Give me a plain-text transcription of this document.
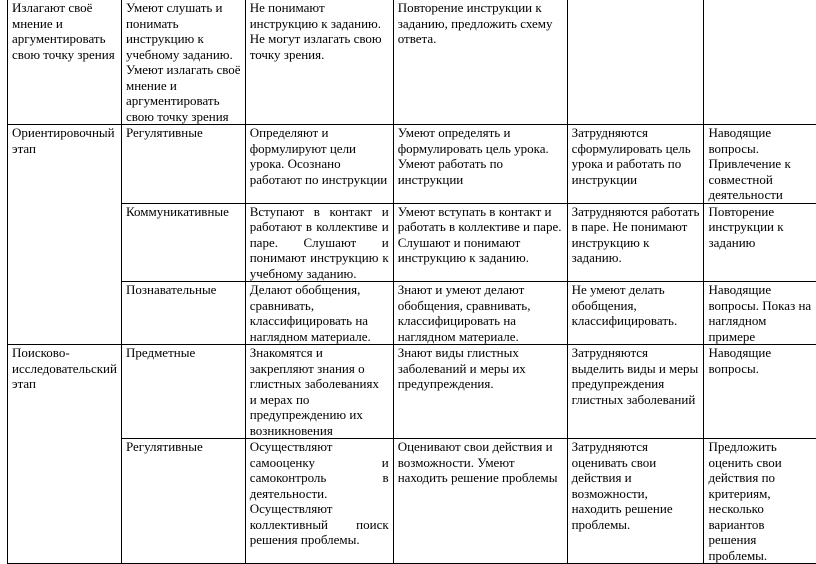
Излагают своё мнение и аргументировать свою точку зрения	Умеют слушать и понимать инструкцию к учебному заданию. Умеют излагать своё мнение и аргументировать свою точку зрения	Не понимают инструкцию к заданию. Не могут излагать свою точку зрения.	Повторение инструкции к заданию, предложить схему ответа.		
Ориентировочный этап	Регулятивные	Определяют и формулируют цели урока. Осознано работают по инструкции	Умеют определять и формулировать цель урока. Умеют работать по инструкции	Затрудняются сформулировать цель урока и работать по инструкции	Наводящие вопросы. Привлечение к совместной деятельности
	Коммуникативные	Вступают в контакт и работают в коллективе и паре. Слушают и понимают инструкцию к учебному заданию.	Умеют вступать в контакт и работать в коллективе и паре. Слушают и понимают инструкцию к заданию.	Затрудняются работать в паре. Не понимают инструкцию к заданию.	Повторение инструкции к заданию
	Познавательные	Делают обобщения, сравнивать, классифицировать на наглядном материале.	Знают и умеют делают обобщения, сравнивать, классифицировать на наглядном материале.	Не умеют делать обобщения, классифицировать.	Наводящие вопросы. Показ на наглядном примере
Поисково-исследовательский этап	Предметные	Знакомятся и закрепляют знания о глистных заболеваниях и мерах по предупреждению их возникновения	Знают виды глистных заболеваний и меры их предупреждения.	Затрудняются выделить виды и меры предупреждения глистных заболеваний	Наводящие вопросы.
	Регулятивные	Осуществляют самооценку и самоконтроль в деятельности. Осуществляют коллективный поиск решения проблемы.	Оценивают свои действия и возможности. Умеют находить решение проблемы	Затрудняются оценивать свои действия и возможности, находить решение проблемы.	Предложить оценить свои действия по критериям, несколько вариантов решения проблемы.
